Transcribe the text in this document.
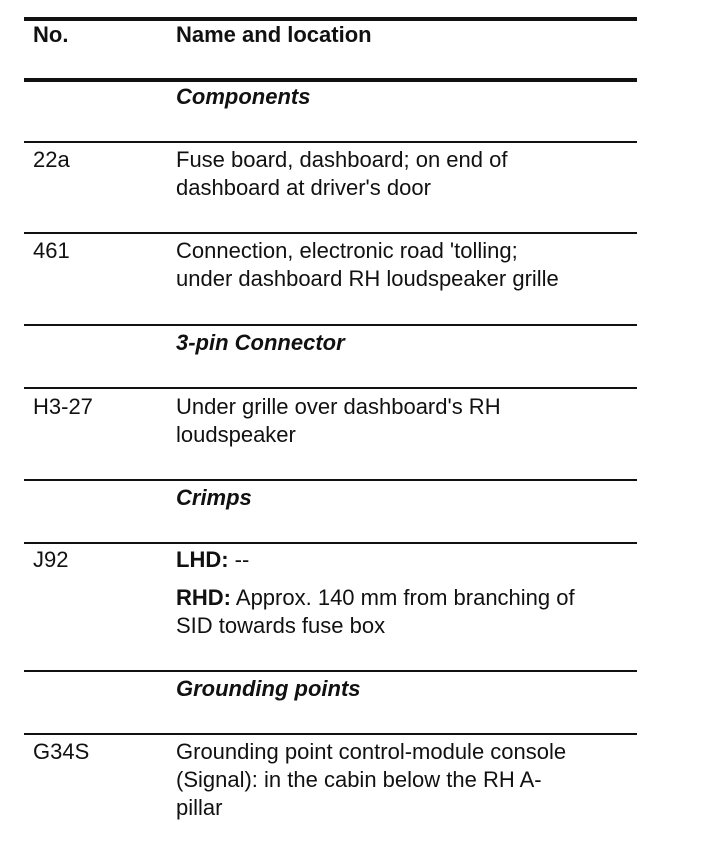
No.	Name and location
Components
22a	Fuse board, dashboard; on end of
dashboard at driver's door
461	Connection, electronic road 'tolling;
under dashboard RH loudspeaker grille
3-pin Connector
H3-27	Under grille over dashboard's RH
loudspeaker
Crimps
J92	LHD: --
RHD: Approx. 140 mm from branching of
SID towards fuse box
Grounding points
G34S	Grounding point control-module console
(Signal): in the cabin below the RH A-
pillar
